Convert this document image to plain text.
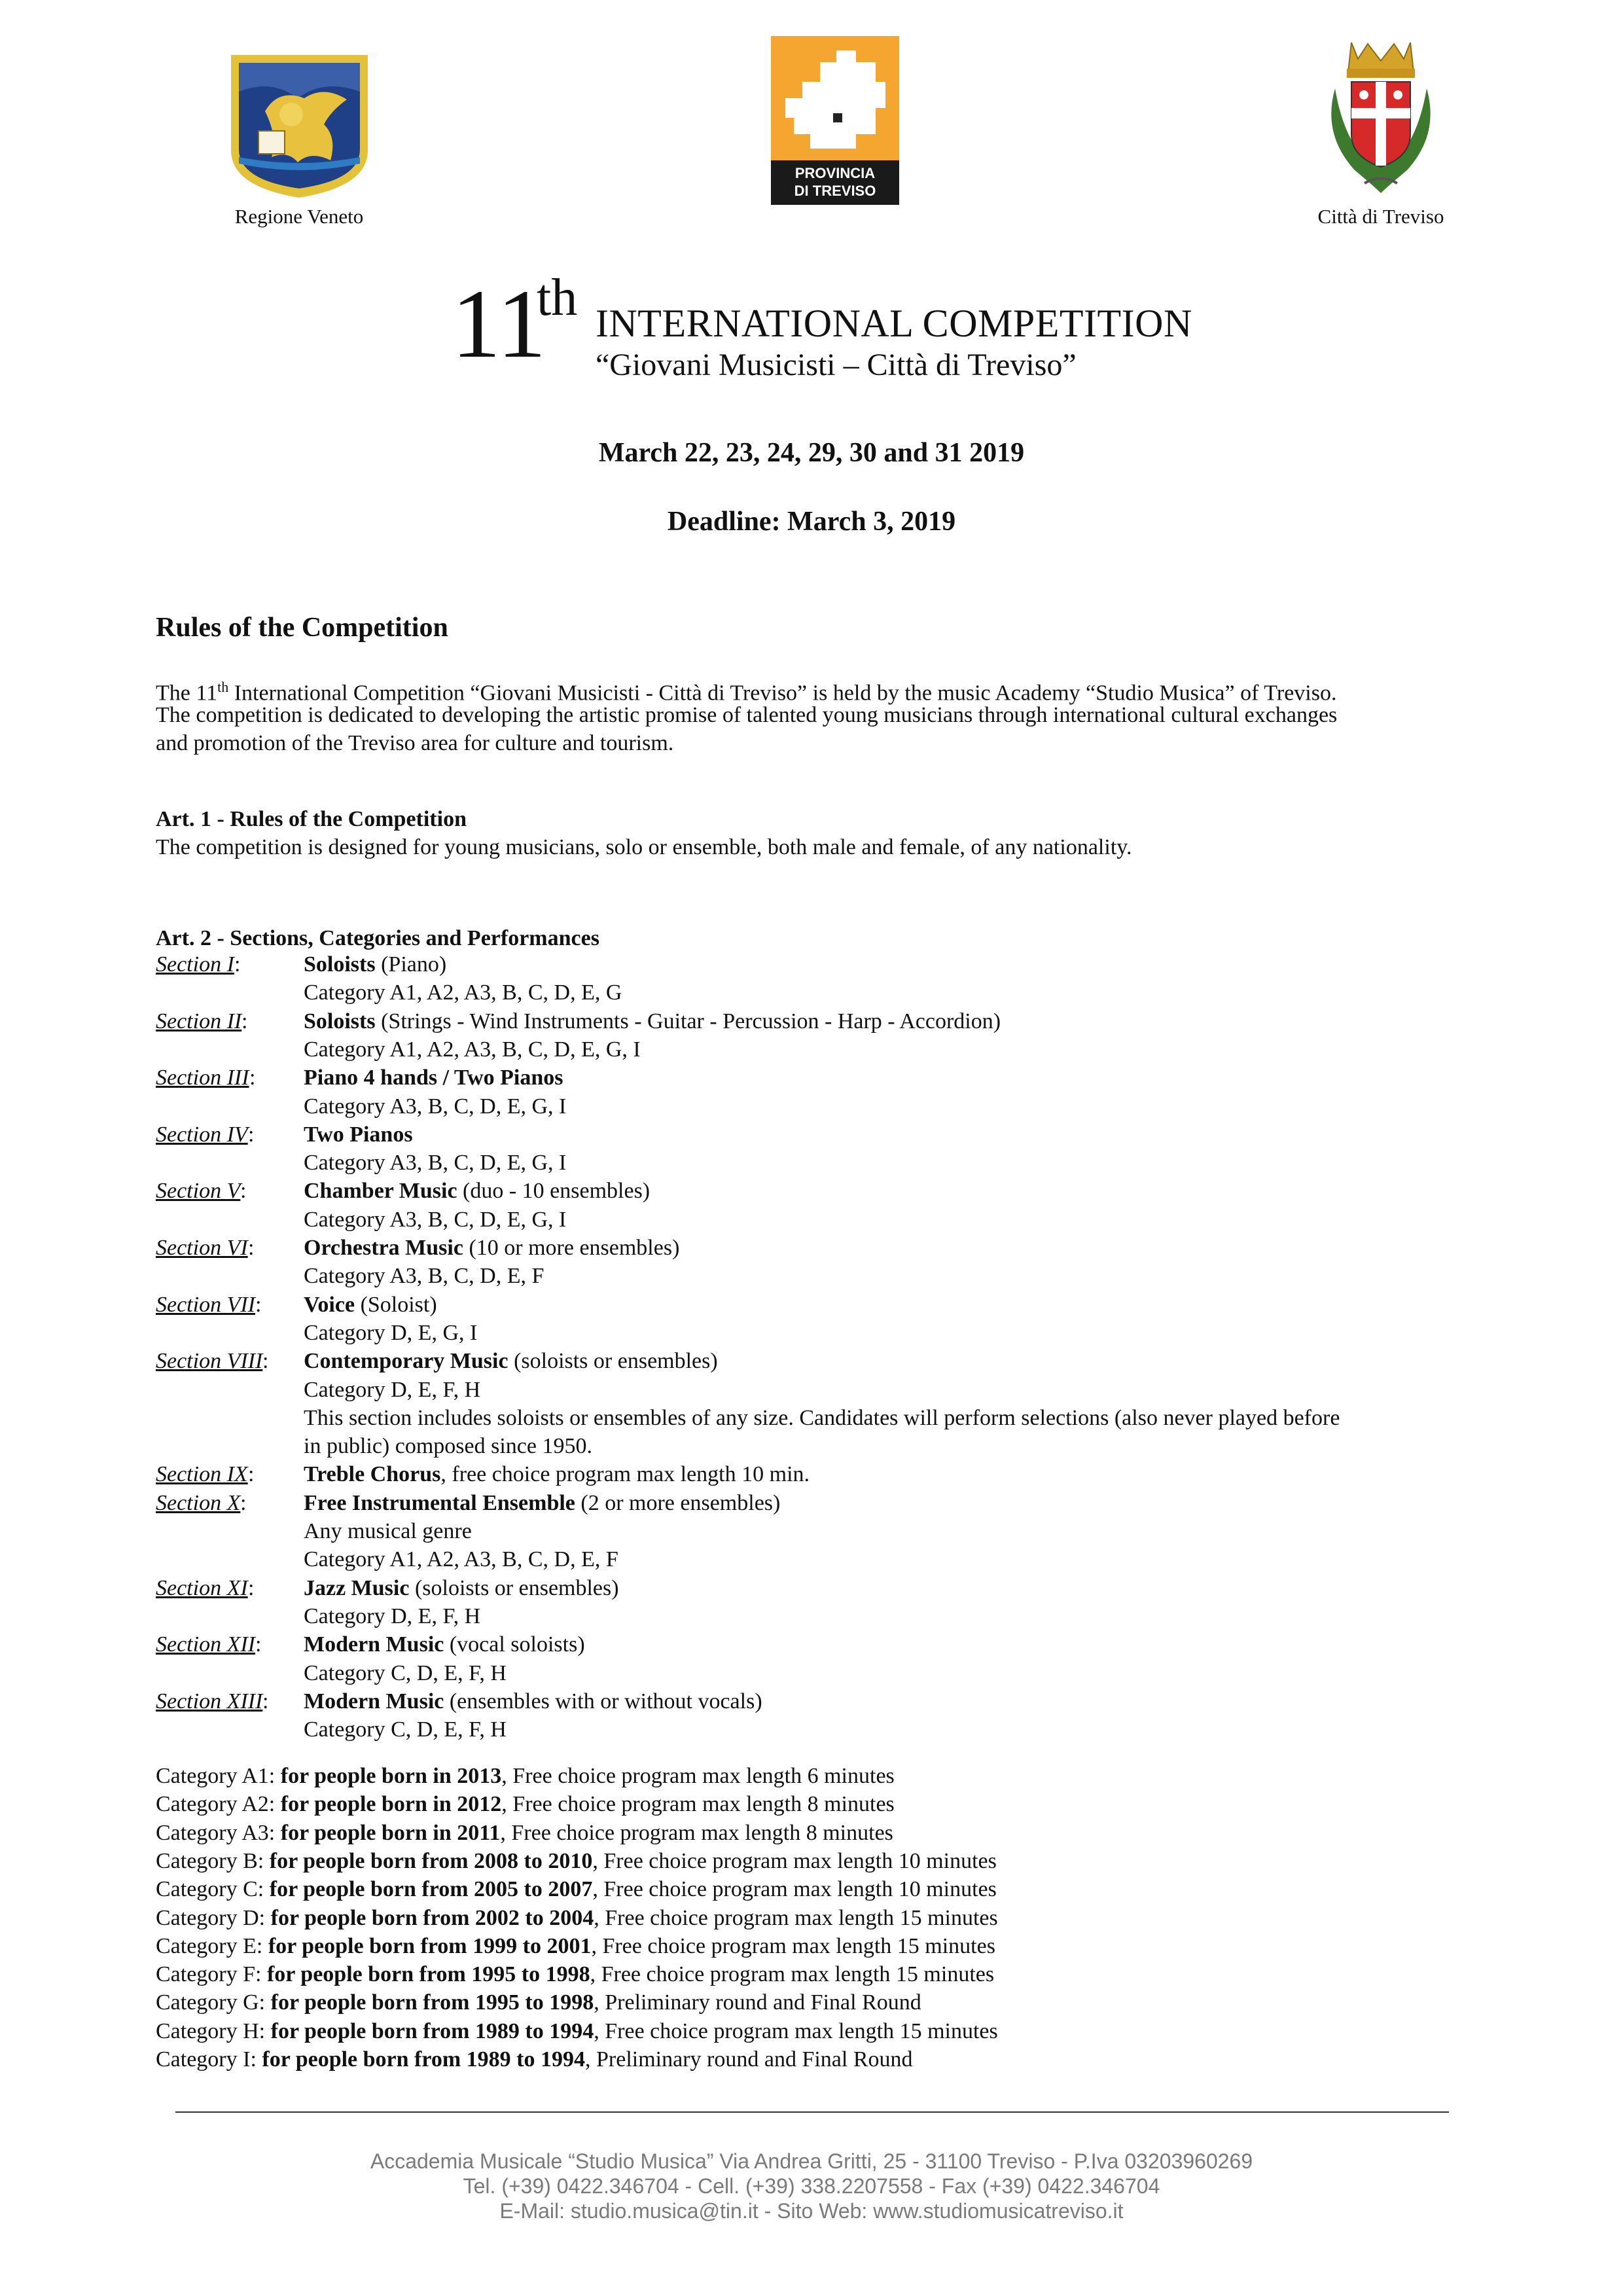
Regione Veneto
PROVINCIA
DI TREVISO
Città di Treviso
11
th INTERNATIONAL COMPETITION
“Giovani Musicisti – Città di Treviso”
March 22, 23, 24, 29, 30 and 31 2019
Deadline: March 3, 2019
Rules of the Competition
The 11th International Competition “Giovani Musicisti - Città di Treviso” is held by the music Academy “Studio Musica” of Treviso.
The competition is dedicated to developing the artistic promise of talented young musicians through international cultural exchanges
and promotion of the Treviso area for culture and tourism.
Art. 1 - Rules of the Competition
The competition is designed for young musicians, solo or ensemble, both male and female, of any nationality.
Art. 2 - Sections, Categories and Performances
Section I :	Soloists (Piano)
Category A1, A2, A3, B, C, D, E, G
Section II :	Soloists (Strings - Wind Instruments - Guitar - Percussion - Harp - Accordion)
Category A1, A2, A3, B, C, D, E, G, I
Section III : Piano 4 hands / Two Pianos
Category A3, B, C, D, E, G, I
Section IV : Two Pianos
Category A3, B, C, D, E, G, I
Section V :	Chamber Music (duo - 10 ensembles)
Category A3, B, C, D, E, G, I
Section VI : Orchestra Music (10 or more ensembles)
Category A3, B, C, D, E, F
Section VII : Voice (Soloist)
Category D, E, G, I
Section VIII : Contemporary Music (soloists or ensembles)
Category D, E, F, H
This section includes soloists or ensembles of any size. Candidates will perform selections (also never played before
in public) composed since 1950.
Section IX : Treble Chorus, free choice program max length 10 min.
Section X :	Free Instrumental Ensemble (2 or more ensembles)
Any musical genre
Category A1, A2, A3, B, C, D, E, F
Section XI : Jazz Music (soloists or ensembles)
Category D, E, F, H
Section XII : Modern Music (vocal soloists)
Category C, D, E, F, H
Section XIII : Modern Music (ensembles with or without vocals)
Category C, D, E, F, H
Category A1: for people born in 2013, Free choice program max length 6 minutes
Category A2: for people born in 2012, Free choice program max length 8 minutes
Category A3: for people born in 2011, Free choice program max length 8 minutes
Category B: for people born from 2008 to 2010, Free choice program max length 10 minutes
Category C: for people born from 2005 to 2007, Free choice program max length 10 minutes
Category D: for people born from 2002 to 2004, Free choice program max length 15 minutes
Category E: for people born from 1999 to 2001, Free choice program max length 15 minutes
Category F: for people born from 1995 to 1998, Free choice program max length 15 minutes
Category G: for people born from 1995 to 1998, Preliminary round and Final Round
Category H: for people born from 1989 to 1994, Free choice program max length 15 minutes
Category I: for people born from 1989 to 1994, Preliminary round and Final Round
Accademia Musicale “Studio Musica” Via Andrea Gritti, 25 - 31100 Treviso - P.Iva 03203960269
Tel. (+39) 0422.346704 - Cell. (+39) 338.2207558 - Fax (+39) 0422.346704
E-Mail: studio.musica@tin.it - Sito Web: www.studiomusicatreviso.it
